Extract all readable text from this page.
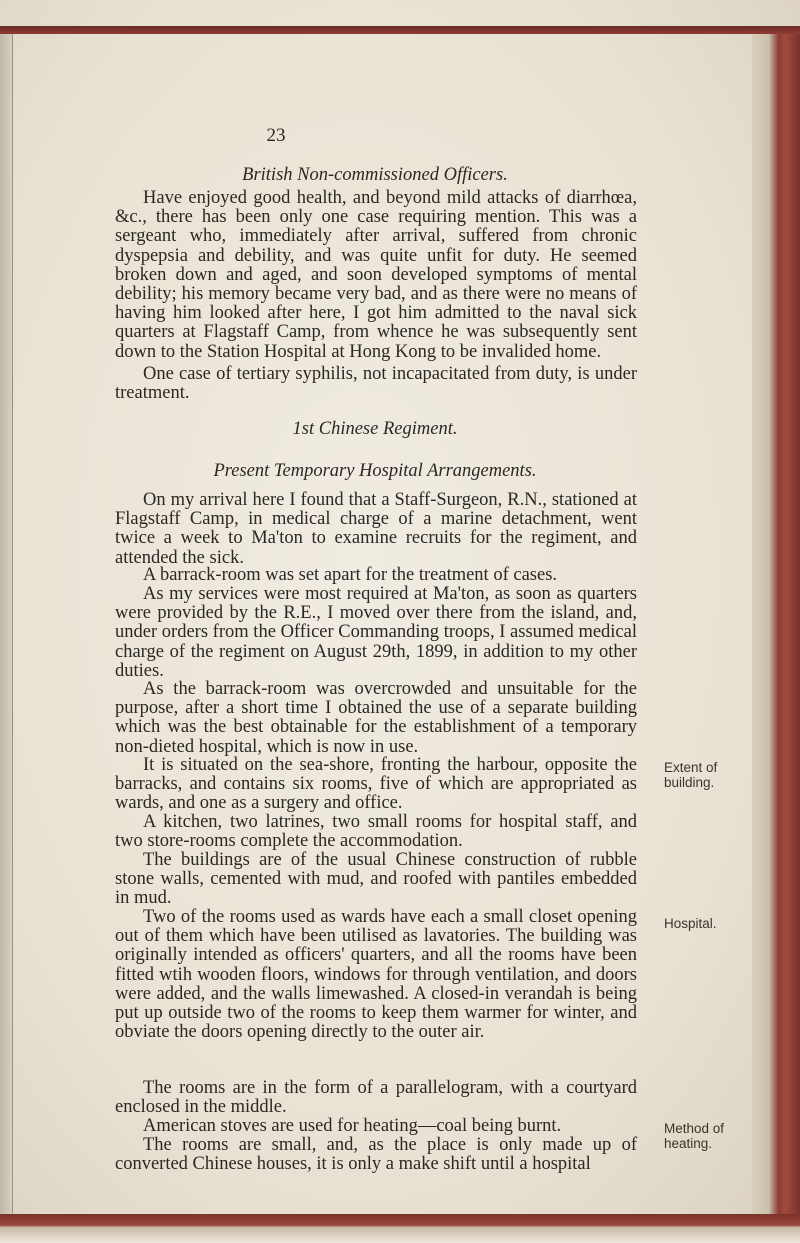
23
British Non-commissioned Officers.

Have enjoyed good health, and beyond mild attacks of diarrhœa, &c., there has been only one case requiring mention. This was a sergeant who, immediately after arrival, suffered from chronic dyspepsia and debility, and was quite unfit for duty. He seemed broken down and aged, and soon developed symptoms of mental debility; his memory became very bad, and as there were no means of having him looked after here, I got him admitted to the naval sick quarters at Flagstaff Camp, from whence he was subsequently sent down to the Station Hospital at Hong Kong to be invalided home.

One case of tertiary syphilis, not incapacitated from duty, is under treatment.

1st Chinese Regiment.
Present Temporary Hospital Arrangements.

On my arrival here I found that a Staff-Surgeon, R.N., stationed at Flagstaff Camp, in medical charge of a marine detachment, went twice a week to Ma'ton to examine recruits for the regiment, and attended the sick.

A barrack-room was set apart for the treatment of cases.

As my services were most required at Ma'ton, as soon as quarters were provided by the R.E., I moved over there from the island, and, under orders from the Officer Commanding troops, I assumed medical charge of the regiment on August 29th, 1899, in addition to my other duties.

As the barrack-room was overcrowded and unsuitable for the purpose, after a short time I obtained the use of a separate building which was the best obtainable for the establishment of a temporary non-dieted hospital, which is now in use.

It is situated on the sea-shore, fronting the harbour, opposite the barracks, and contains six rooms, five of which are appropriated as wards, and one as a surgery and office.

A kitchen, two latrines, two small rooms for hospital staff, and two store-rooms complete the accommodation.

The buildings are of the usual Chinese construction of rubble stone walls, cemented with mud, and roofed with pantiles embedded in mud.

Two of the rooms used as wards have each a small closet opening out of them which have been utilised as lavatories. The building was originally intended as officers' quarters, and all the rooms have been fitted wtih wooden floors, windows for through ventilation, and doors were added, and the walls limewashed. A closed-in verandah is being put up outside two of the rooms to keep them warmer for winter, and obviate the doors opening directly to the outer air.

The rooms are in the form of a parallelogram, with a courtyard enclosed in the middle.

American stoves are used for heating—coal being burnt.

The rooms are small, and, as the place is only made up of converted Chinese houses, it is only a make shift until a hospital

Extent of building.
Hospital.
Method of heating.
